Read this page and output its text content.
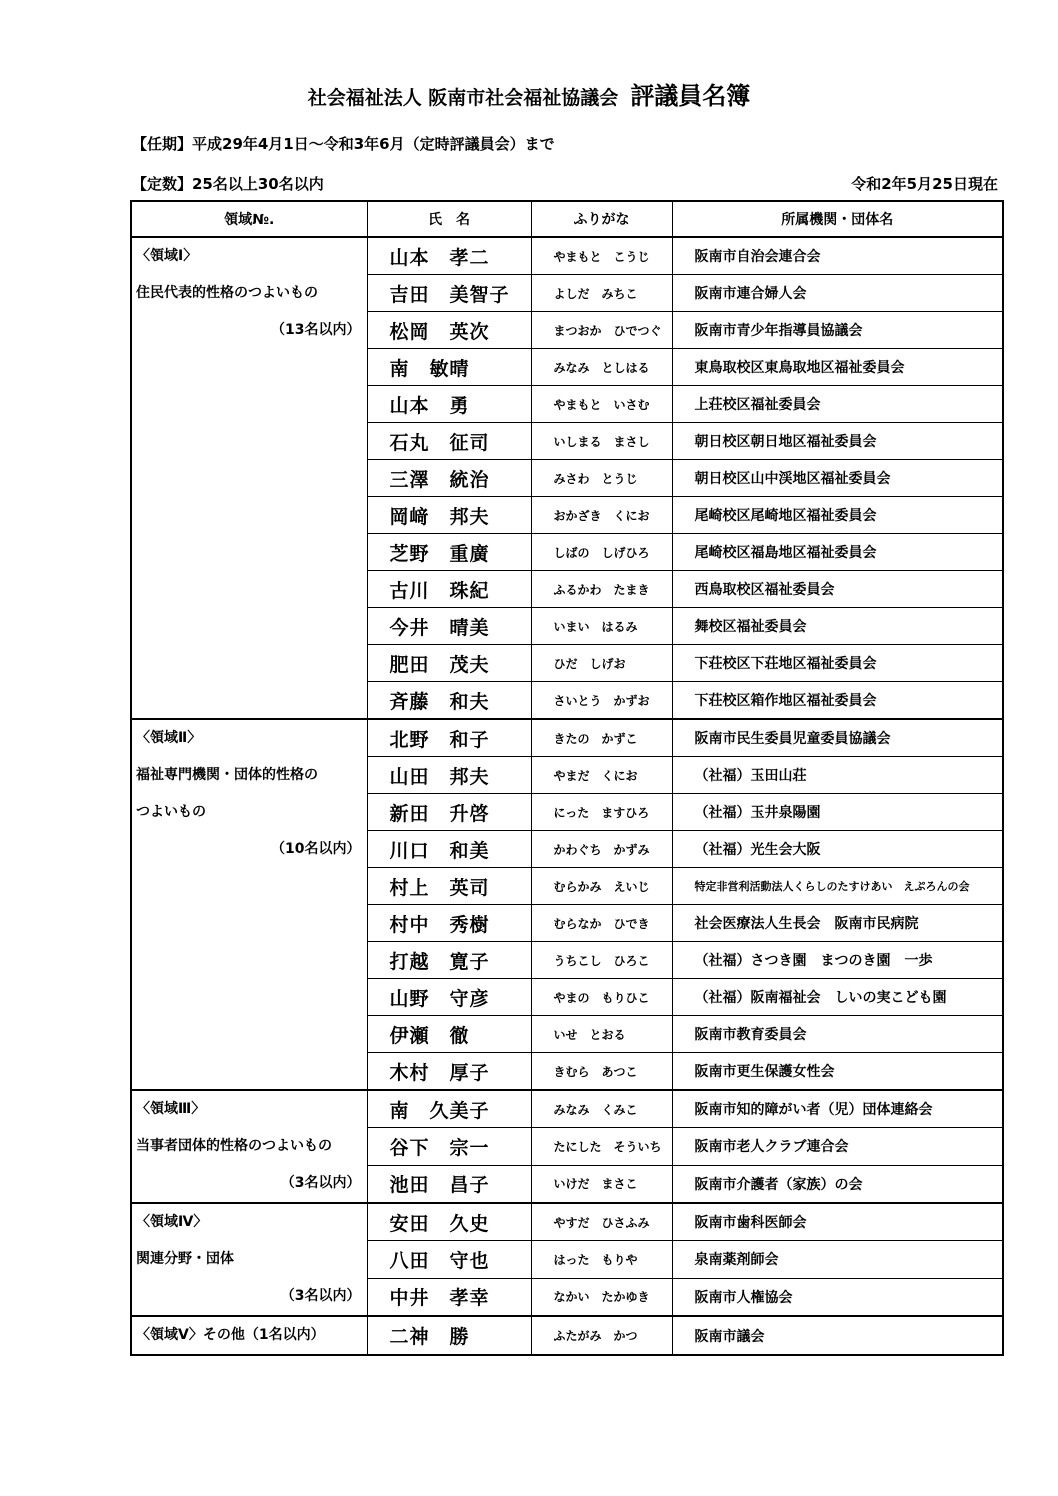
社会福祉法人 阪南市社会福祉協議会 評議員名簿
【任期】平成29年4月1日～令和3年6月（定時評議員会）まで
【定数】25名以上30名以内	令和2年5月25日現在
領域№.	氏　名	ふりがな	所属機関・団体名

〈領域Ⅰ〉
住民代表的性格のつよいもの
（13名以内）	山本　孝二	やまもと　こうじ	阪南市自治会連合会
	吉田　美智子	よしだ　みちこ	阪南市連合婦人会
	松岡　英次	まつおか　ひでつぐ	阪南市青少年指導員協議会
	南　敏晴	みなみ　としはる	東鳥取校区東鳥取地区福祉委員会
	山本　勇	やまもと　いさむ	上荘校区福祉委員会
	石丸　征司	いしまる　まさし	朝日校区朝日地区福祉委員会
	三澤　統治	みさわ　とうじ	朝日校区山中渓地区福祉委員会
	岡﨑　邦夫	おかざき　くにお	尾崎校区尾崎地区福祉委員会
	芝野　重廣	しばの　しげひろ	尾崎校区福島地区福祉委員会
	古川　珠紀	ふるかわ　たまき	西鳥取校区福祉委員会
	今井　晴美	いまい　はるみ	舞校区福祉委員会
	肥田　茂夫	ひだ　しげお	下荘校区下荘地区福祉委員会
	斉藤　和夫	さいとう　かずお	下荘校区箱作地区福祉委員会

〈領域Ⅱ〉
福祉専門機関・団体的性格の
つよいもの
（10名以内）	北野　和子	きたの　かずこ	阪南市民生委員児童委員協議会
	山田　邦夫	やまだ　くにお	（社福）玉田山荘
	新田　升啓	にった　ますひろ	（社福）玉井泉陽園
	川口　和美	かわぐち　かずみ	（社福）光生会大阪
	村上　英司	むらかみ　えいじ	特定非営利活動法人くらしのたすけあい　えぷろんの会
	村中　秀樹	むらなか　ひでき	社会医療法人生長会　阪南市民病院
	打越　寛子	うちこし　ひろこ	（社福）さつき園　まつのき園　一歩
	山野　守彦	やまの　もりひこ	（社福）阪南福祉会　しいの実こども園
	伊瀬　徹	いせ　とおる	阪南市教育委員会
	木村　厚子	きむら　あつこ	阪南市更生保護女性会

〈領域Ⅲ〉
当事者団体的性格のつよいもの
（3名以内）	南　久美子	みなみ　くみこ	阪南市知的障がい者（児）団体連絡会
	谷下　宗一	たにした　そういち	阪南市老人クラブ連合会
	池田　昌子	いけだ　まさこ	阪南市介護者（家族）の会

〈領域Ⅳ〉
関連分野・団体
（3名以内）	安田　久史	やすだ　ひさふみ	阪南市歯科医師会
	八田　守也	はった　もりや	泉南薬剤師会
	中井　孝幸	なかい　たかゆき	阪南市人権協会

〈領域Ⅴ〉その他（1名以内）	二神　勝	ふたがみ　かつ	阪南市議会
